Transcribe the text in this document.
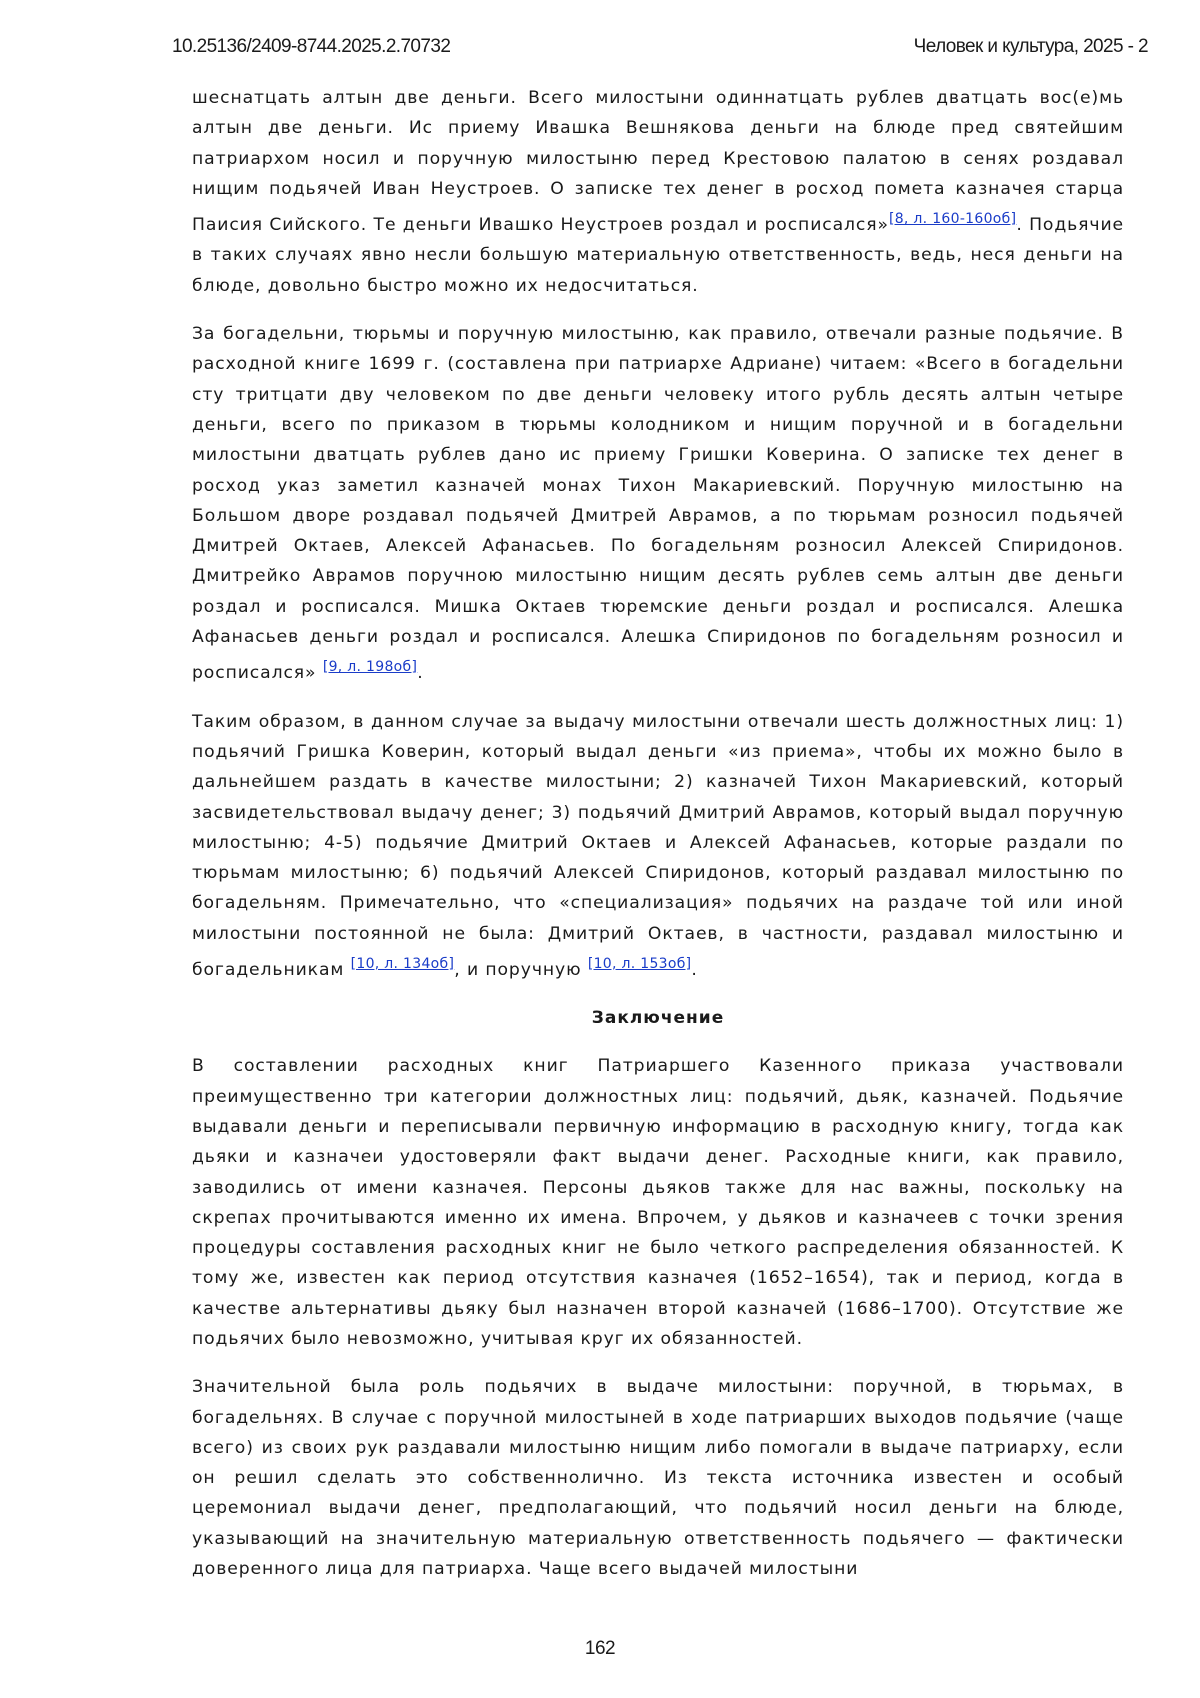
10.25136/2409-8744.2025.2.70732	Человек и культура, 2025 - 2

шеснатцать алтын две деньги. Всего милостыни одиннатцать рублев дватцать вос(е)мь алтын две деньги. Ис приему Ивашка Вешнякова деньги на блюде пред святейшим патриархом носил и поручную милостыню перед Крестовою палатою в сенях роздавал нищим подьячей Иван Неустроев. О записке тех денег в росход помета казначея старца Паисия Сийского. Те деньги Ивашко Неустроев роздал и росписался»[8, л. 160-160об]. Подьячие в таких случаях явно несли большую материальную ответственность, ведь, неся деньги на блюде, довольно быстро можно их недосчитаться.

За богадельни, тюрьмы и поручную милостыню, как правило, отвечали разные подьячие. В расходной книге 1699 г. (составлена при патриархе Адриане) читаем: «Всего в богадельни сту тритцати дву человеком по две деньги человеку итого рубль десять алтын четыре деньги, всего по приказом в тюрьмы колодником и нищим поручной и в богадельни милостыни дватцать рублев дано ис приему Гришки Коверина. О записке тех денег в росход указ заметил казначей монах Тихон Макариевский. Поручную милостыню на Большом дворе роздавал подьячей Дмитрей Аврамов, а по тюрьмам розносил подьячей Дмитрей Октаев, Алексей Афанасьев. По богадельням розносил Алексей Спиридонов. Дмитрейко Аврамов поручною милостыню нищим десять рублев семь алтын две деньги роздал и росписался. Мишка Октаев тюремские деньги роздал и росписался. Алешка Афанасьев деньги роздал и росписался. Алешка Спиридонов по богадельням розносил и росписался» [9, л. 198об].

Таким образом, в данном случае за выдачу милостыни отвечали шесть должностных лиц: 1) подьячий Гришка Коверин, который выдал деньги «из приема», чтобы их можно было в дальнейшем раздать в качестве милостыни; 2) казначей Тихон Макариевский, который засвидетельствовал выдачу денег; 3) подьячий Дмитрий Аврамов, который выдал поручную милостыню; 4-5) подьячие Дмитрий Октаев и Алексей Афанасьев, которые раздали по тюрьмам милостыню; 6) подьячий Алексей Спиридонов, который раздавал милостыню по богадельням. Примечательно, что «специализация» подьячих на раздаче той или иной милостыни постоянной не была: Дмитрий Октаев, в частности, раздавал милостыню и богадельникам [10, л. 134об], и поручную [10, л. 153об].

Заключение

В составлении расходных книг Патриаршего Казенного приказа участвовали преимущественно три категории должностных лиц: подьячий, дьяк, казначей. Подьячие выдавали деньги и переписывали первичную информацию в расходную книгу, тогда как дьяки и казначеи удостоверяли факт выдачи денег. Расходные книги, как правило, заводились от имени казначея. Персоны дьяков также для нас важны, поскольку на скрепах прочитываются именно их имена. Впрочем, у дьяков и казначеев с точки зрения процедуры составления расходных книг не было четкого распределения обязанностей. К тому же, известен как период отсутствия казначея (1652–1654), так и период, когда в качестве альтернативы дьяку был назначен второй казначей (1686–1700). Отсутствие же подьячих было невозможно, учитывая круг их обязанностей.

Значительной была роль подьячих в выдаче милостыни: поручной, в тюрьмах, в богадельнях. В случае с поручной милостыней в ходе патриарших выходов подьячие (чаще всего) из своих рук раздавали милостыню нищим либо помогали в выдаче патриарху, если он решил сделать это собственнолично. Из текста источника известен и особый церемониал выдачи денег, предполагающий, что подьячий носил деньги на блюде, указывающий на значительную материальную ответственность подьячего — фактически доверенного лица для патриарха. Чаще всего выдачей милостыни

162
